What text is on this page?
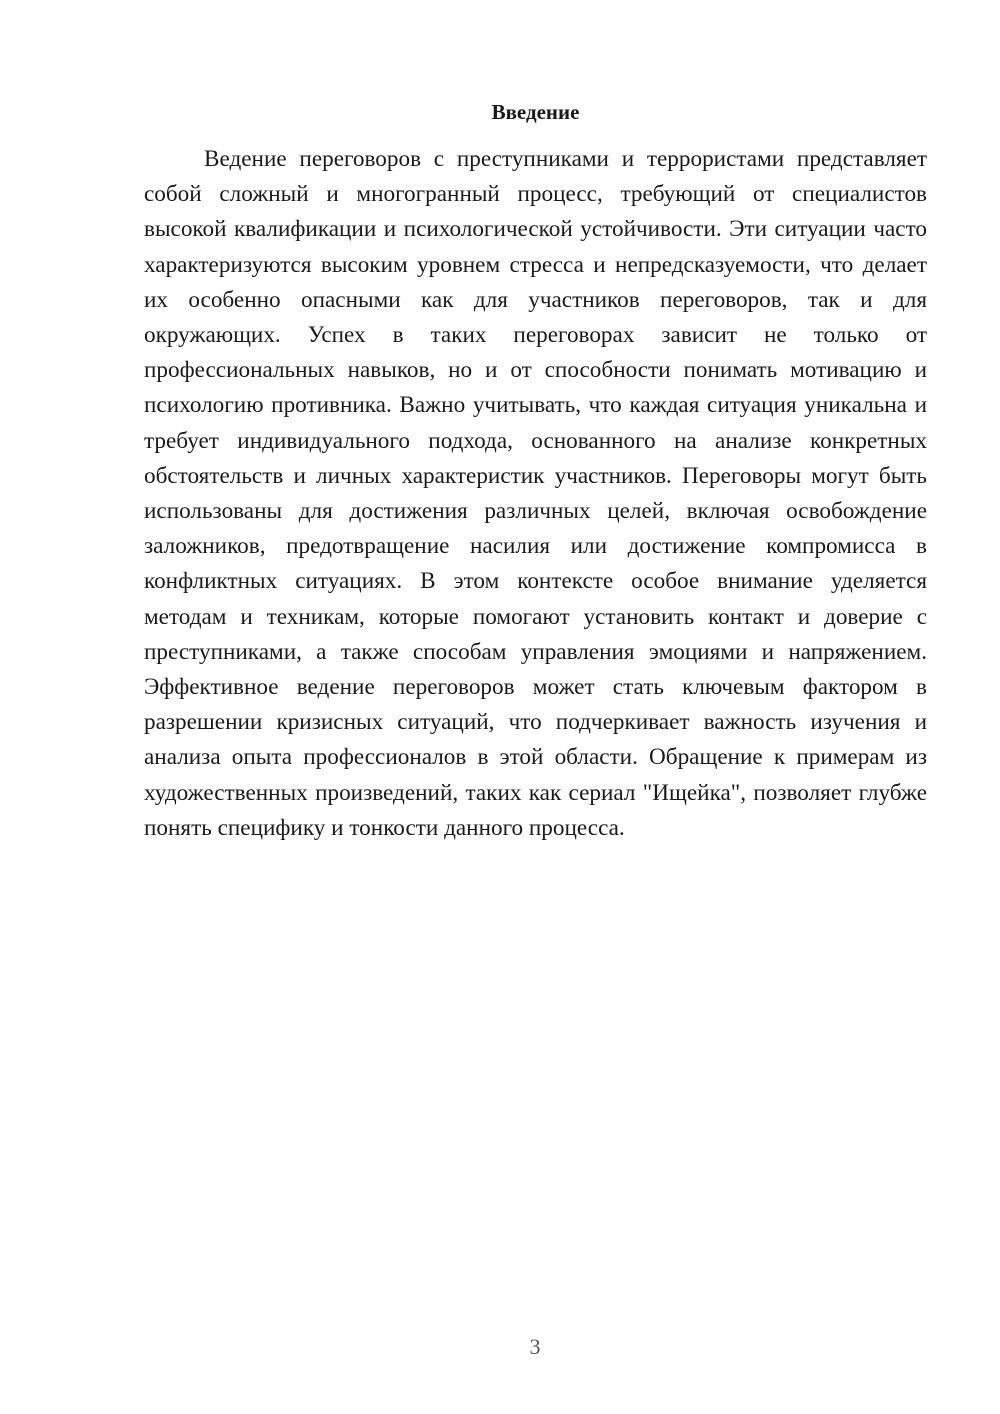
Введение

Ведение переговоров с преступниками и террористами представляет собой сложный и многогранный процесс, требующий от специалистов высокой квалификации и психологической устойчивости. Эти ситуации часто характеризуются высоким уровнем стресса и непредсказуемости, что делает их особенно опасными как для участников переговоров, так и для окружающих. Успех в таких переговорах зависит не только от профессиональных навыков, но и от способности понимать мотивацию и психологию противника. Важно учитывать, что каждая ситуация уникальна и требует индивидуального подхода, основанного на анализе конкретных обстоятельств и личных характеристик участников. Переговоры могут быть использованы для достижения различных целей, включая освобождение заложников, предотвращение насилия или достижение компромисса в конфликтных ситуациях. В этом контексте особое внимание уделяется методам и техникам, которые помогают установить контакт и доверие с преступниками, а также способам управления эмоциями и напряжением. Эффективное ведение переговоров может стать ключевым фактором в разрешении кризисных ситуаций, что подчеркивает важность изучения и анализа опыта профессионалов в этой области. Обращение к примерам из художественных произведений, таких как сериал "Ищейка", позволяет глубже понять специфику и тонкости данного процесса.

3
